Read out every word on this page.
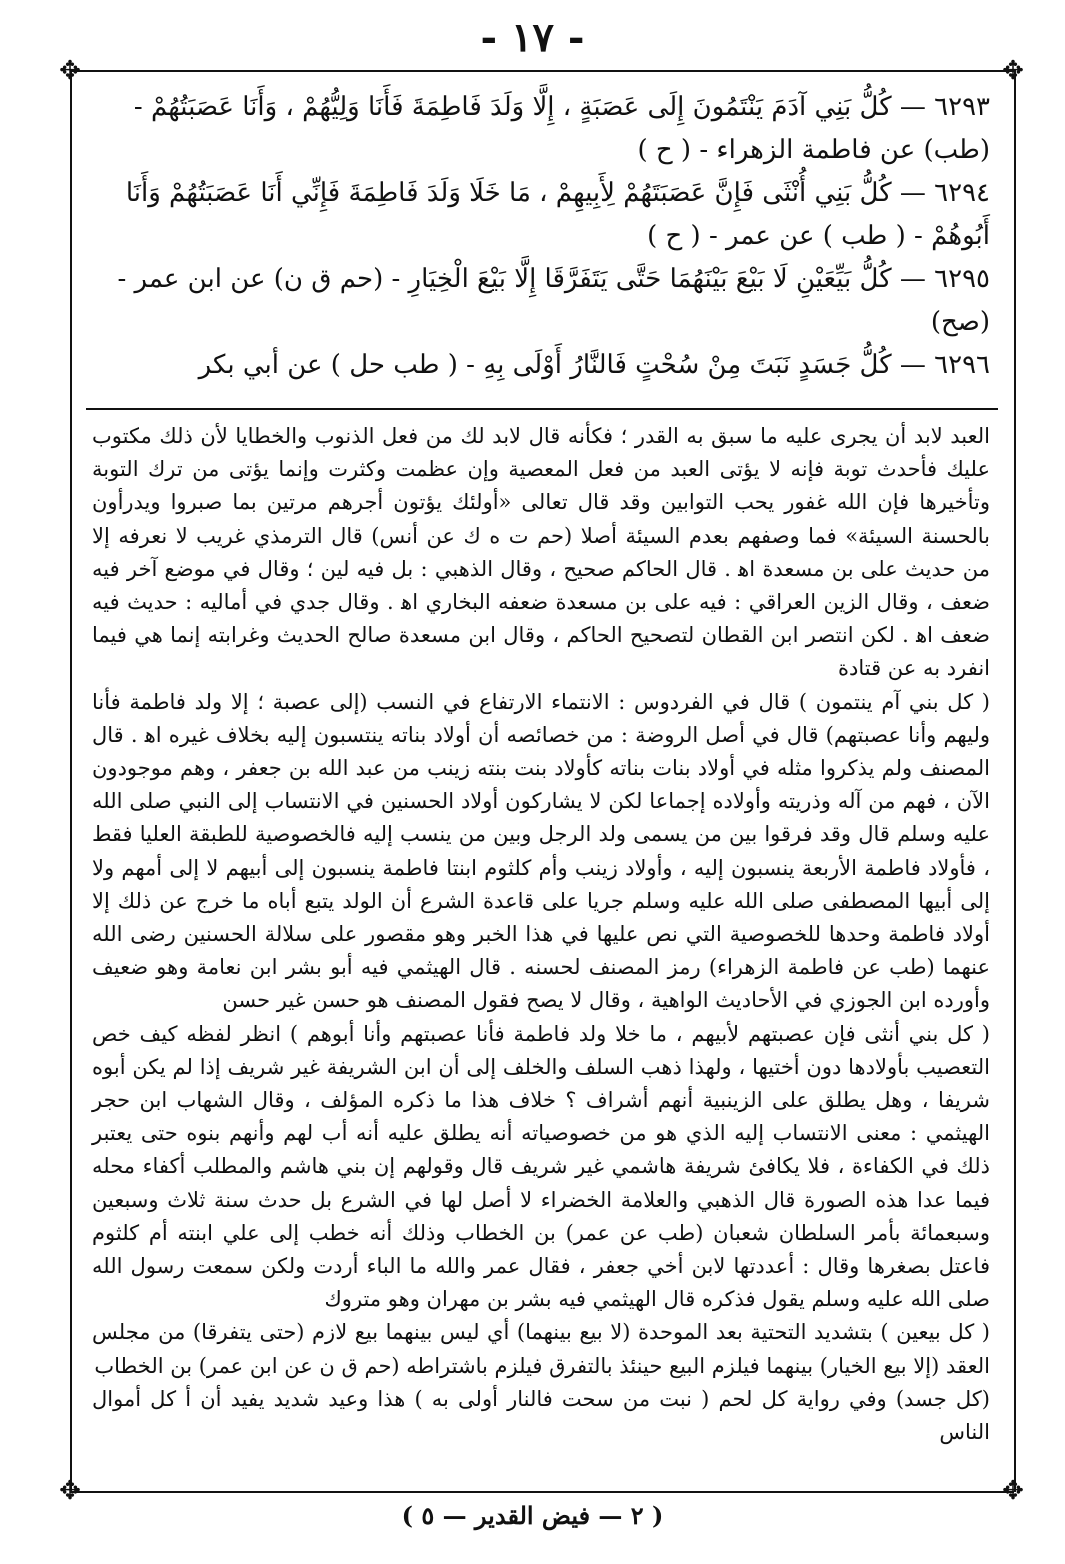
- ١٧ -
✥	✥
✥	✥

٦٢٩٣ — كُلُّ بَنِي آدَمَ يَنْتَمُونَ إِلَى عَصَبَةٍ ، إِلَّا وَلَدَ فَاطِمَةَ فَأَنَا وَلِيُّهُمْ ، وَأَنَا عَصَبَتُهُمْ - (طب) عن فاطمة الزهراء - ( ح )

٦٢٩٤ — كُلُّ بَنِي أُنْثَى فَإِنَّ عَصَبَتَهُمْ لِأَبِيهِمْ ، مَا خَلَا وَلَدَ فَاطِمَةَ فَإِنِّي أَنَا عَصَبَتُهُمْ وَأَنَا أَبُوهُمْ - ( طب ) عن عمر - ( ح )

٦٢٩٥ — كُلُّ بَيِّعَيْنِ لَا بَيْعَ بَيْنَهُمَا حَتَّى يَتَفَرَّقَا إِلَّا بَيْعَ الْخِيَارِ - (حم ق ن) عن ابن عمر - (صح)

٦٢٩٦ — كُلُّ جَسَدٍ نَبَتَ مِنْ سُحْتٍ فَالنَّارُ أَوْلَى بِهِ - ( طب حل ) عن أبي بكر

العبد لابد أن يجرى عليه ما سبق به القدر ؛ فكأنه قال لابد لك من فعل الذنوب والخطايا لأن ذلك مكتوب عليك فأحدث توبة فإنه لا يؤتى العبد من فعل المعصية وإن عظمت وكثرت وإنما يؤتى من ترك التوبة وتأخيرها فإن الله غفور يحب التوابين وقد قال تعالى «أولئك يؤتون أجرهم مرتين بما صبروا ويدرأون بالحسنة السيئة» فما وصفهم بعدم السيئة أصلا (حم ت ه ك عن أنس) قال الترمذي غريب لا نعرفه إلا من حديث على بن مسعدة اه‍ . قال الحاكم صحيح ، وقال الذهبي : بل فيه لين ؛ وقال في موضع آخر فيه ضعف ، وقال الزين العراقي : فيه على بن مسعدة ضعفه البخاري اه‍ . وقال جدي في أماليه : حديث فيه ضعف اه‍ . لكن انتصر ابن القطان لتصحيح الحاكم ، وقال ابن مسعدة صالح الحديث وغرابته إنما هي فيما انفرد به عن قتادة

( كل بني آم ينتمون ) قال في الفردوس : الانتماء الارتفاع في النسب (إلى عصبة ؛ إلا ولد فاطمة فأنا وليهم وأنا عصبتهم) قال في أصل الروضة : من خصائصه أن أولاد بناته ينتسبون إليه بخلاف غيره اه‍ . قال المصنف ولم يذكروا مثله في أولاد بنات بناته كأولاد بنت بنته زينب من عبد الله بن جعفر ، وهم موجودون الآن ، فهم من آله وذريته وأولاده إجماعا لكن لا يشاركون أولاد الحسنين في الانتساب إلى النبي صلى الله عليه وسلم قال وقد فرقوا بين من يسمى ولد الرجل وبين من ينسب إليه فالخصوصية للطبقة العليا فقط ، فأولاد فاطمة الأربعة ينسبون إليه ، وأولاد زينب وأم كلثوم ابنتا فاطمة ينسبون إلى أبيهم لا إلى أمهم ولا إلى أبيها المصطفى صلى الله عليه وسلم جريا على قاعدة الشرع أن الولد يتبع أباه ما خرج عن ذلك إلا أولاد فاطمة وحدها للخصوصية التي نص عليها في هذا الخبر وهو مقصور على سلالة الحسنين رضى الله عنهما (طب عن فاطمة الزهراء) رمز المصنف لحسنه . قال الهيثمي فيه أبو بشر ابن نعامة وهو ضعيف وأورده ابن الجوزي في الأحاديث الواهية ، وقال لا يصح فقول المصنف هو حسن غير حسن

( كل بني أنثى فإن عصبتهم لأبيهم ، ما خلا ولد فاطمة فأنا عصبتهم وأنا أبوهم ) انظر لفظه كيف خص التعصيب بأولادها دون أختيها ، ولهذا ذهب السلف والخلف إلى أن ابن الشريفة غير شريف إذا لم يكن أبوه شريفا ، وهل يطلق على الزينبية أنهم أشراف ؟ خلاف هذا ما ذكره المؤلف ، وقال الشهاب ابن حجر الهيثمي : معنى الانتساب إليه الذي هو من خصوصياته أنه يطلق عليه أنه أب لهم وأنهم بنوه حتى يعتبر ذلك في الكفاءة ، فلا يكافئ شريفة هاشمي غير شريف قال وقولهم إن بني هاشم والمطلب أكفاء محله فيما عدا هذه الصورة قال الذهبي والعلامة الخضراء لا أصل لها في الشرع بل حدث سنة ثلاث وسبعين وسبعمائة بأمر السلطان شعبان (طب عن عمر) بن الخطاب وذلك أنه خطب إلى علي ابنته أم كلثوم فاعتل بصغرها وقال : أعددتها لابن أخي جعفر ، فقال عمر والله ما الباء أردت ولكن سمعت رسول الله صلى الله عليه وسلم يقول فذكره قال الهيثمي فيه بشر بن مهران وهو متروك

( كل بيعين ) بتشديد التحتية بعد الموحدة (لا بيع بينهما) أي ليس بينهما بيع لازم (حتى يتفرقا) من مجلس العقد (إلا بيع الخيار) بينهما فيلزم البيع حينئذ بالتفرق فيلزم باشتراطه (حم ق ن عن ابن عمر) بن الخطاب

(كل جسد) وفي رواية كل لحم ( نبت من سحت فالنار أولى به ) هذا وعيد شديد يفيد أن أ كل أموال الناس

( ٢ — فيض القدير — ٥ )
